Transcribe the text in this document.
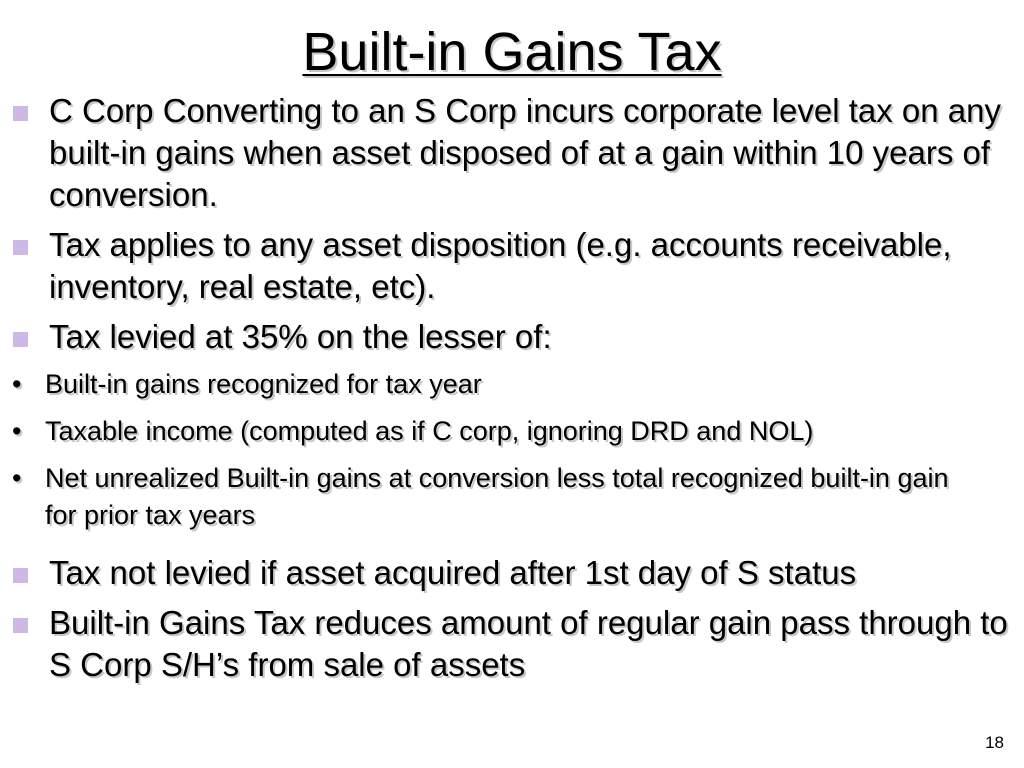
Built-in Gains Tax
C Corp Converting to an S Corp incurs corporate level tax on any built-in gains when asset disposed of at a gain within 10 years of conversion.
Tax applies to any asset disposition (e.g. accounts receivable, inventory, real estate, etc).
Tax levied at 35% on the lesser of:
• Built-in gains recognized for tax year
• Taxable income (computed as if C corp, ignoring DRD and NOL)
• Net unrealized Built-in gains at conversion less total recognized built-in gain for prior tax years
Tax not levied if asset acquired after 1st day of S status
Built-in Gains Tax reduces amount of regular gain pass through to S Corp S/H’s from sale of assets
18
